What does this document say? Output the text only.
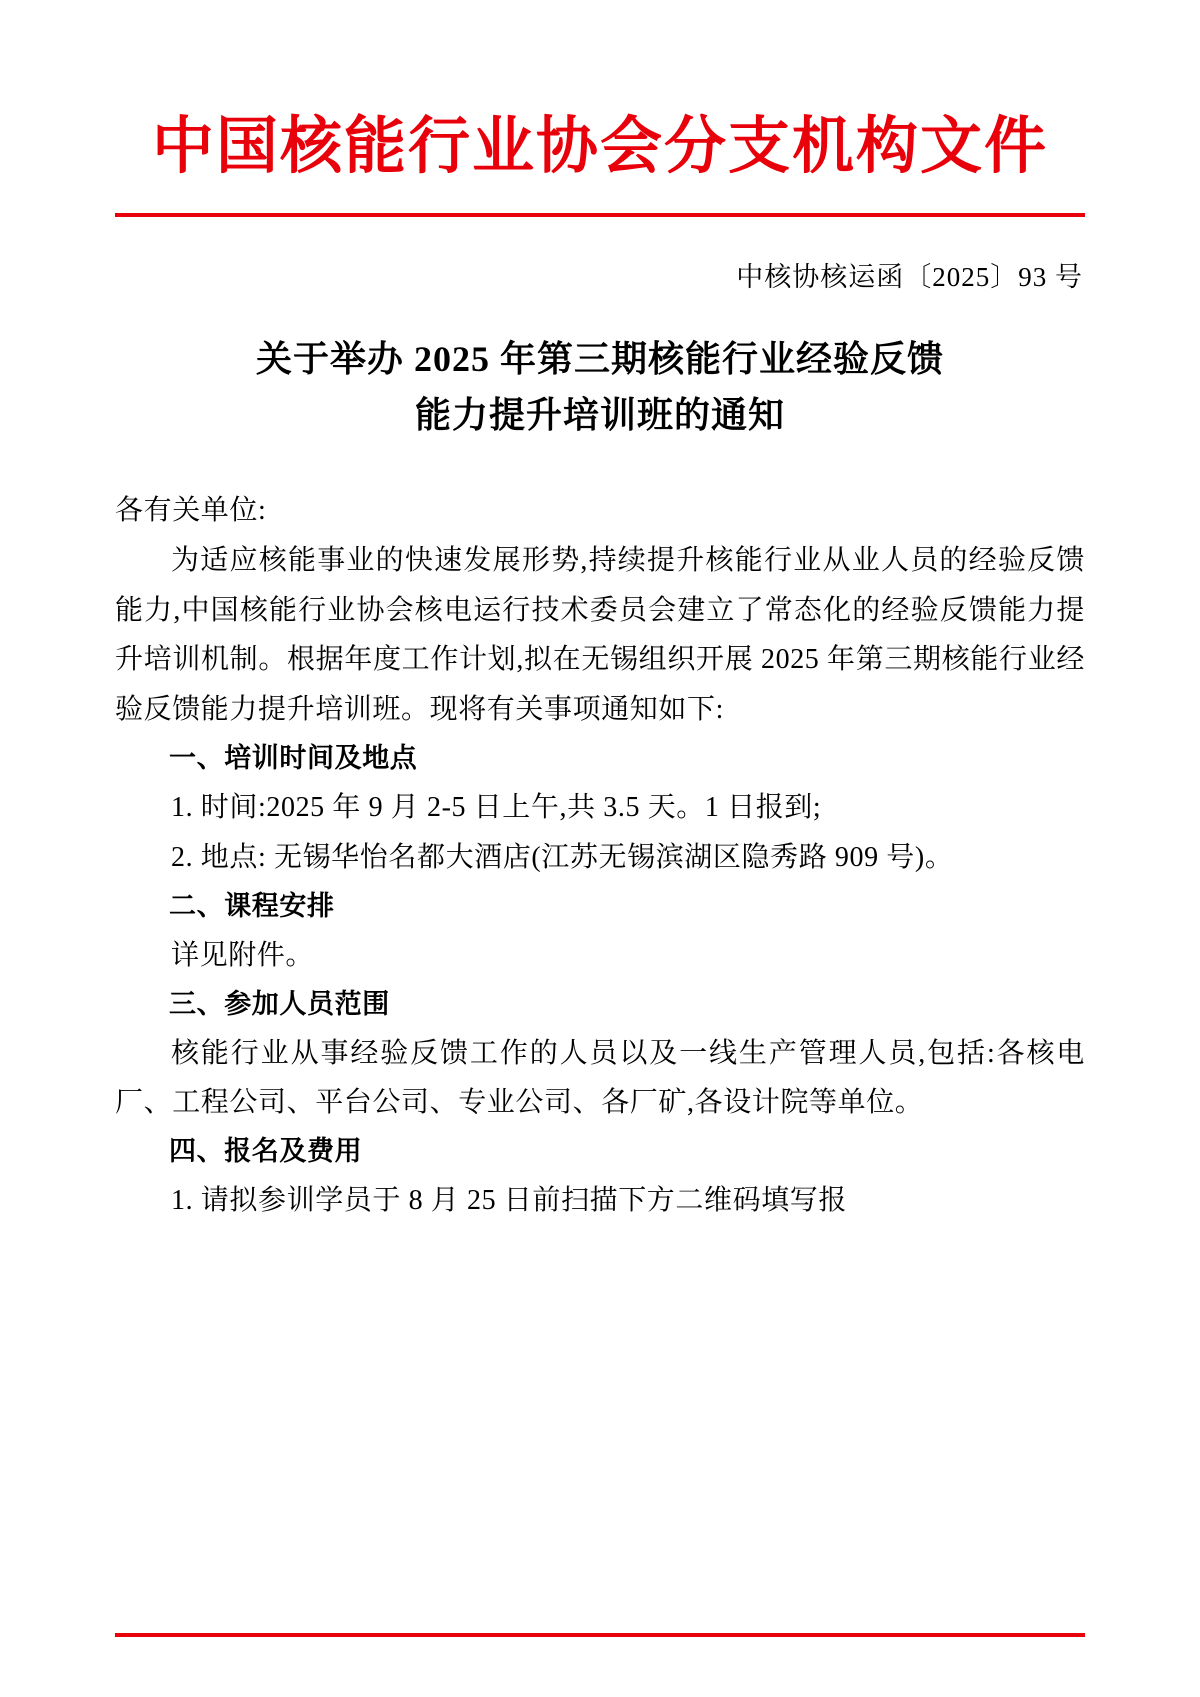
中国核能行业协会分支机构文件
中核协核运函〔2025〕93 号
关于举办 2025 年第三期核能行业经验反馈
能力提升培训班的通知

各有关单位:

为适应核能事业的快速发展形势,持续提升核能行业从业人员的经验反馈能力,中国核能行业协会核电运行技术委员会建立了常态化的经验反馈能力提升培训机制。根据年度工作计划,拟在无锡组织开展 2025 年第三期核能行业经验反馈能力提升培训班。现将有关事项通知如下:

一、培训时间及地点

1. 时间:2025 年 9 月 2-5 日上午,共 3.5 天。1 日报到;

2. 地点: 无锡华怡名都大酒店(江苏无锡滨湖区隐秀路 909 号)。

二、课程安排

详见附件。

三、参加人员范围

核能行业从事经验反馈工作的人员以及一线生产管理人员,包括:各核电厂、工程公司、平台公司、专业公司、各厂矿,各设计院等单位。

四、报名及费用

1. 请拟参训学员于 8 月 25 日前扫描下方二维码填写报
